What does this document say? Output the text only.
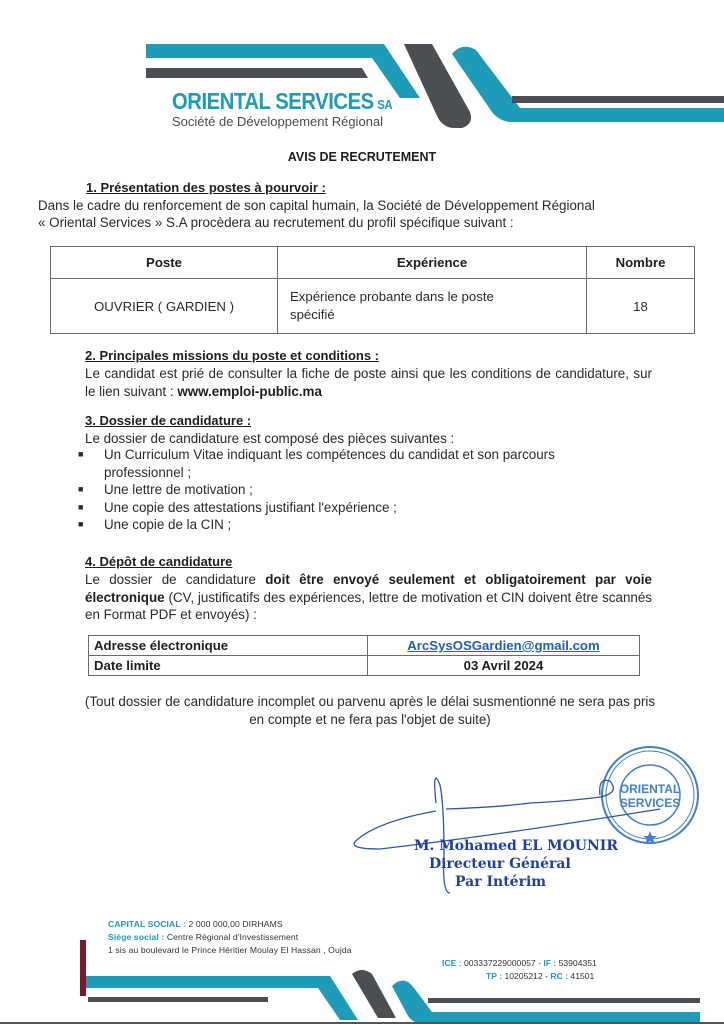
ORIENTAL SERVICES SA
Société de Développement Régional
AVIS DE RECRUTEMENT
1. Présentation des postes à pourvoir :
Dans le cadre du renforcement de son capital humain, la Société de Développement Régional
« Oriental Services » S.A procèdera au recrutement du profil spécifique suivant :
Poste	Expérience	Nombre
OUVRIER ( GARDIEN )	Expérience probante dans le poste spécifié	18
2. Principales missions du poste et conditions :
Le candidat est prié de consulter la fiche de poste ainsi que les conditions de candidature, sur le lien suivant : www.emploi-public.ma
3. Dossier de candidature :
Le dossier de candidature est composé des pièces suivantes :
■ Un Curriculum Vitae indiquant les compétences du candidat et son parcours professionnel ;
■ Une lettre de motivation ;
■ Une copie des attestations justifiant l'expérience ;
■ Une copie de la CIN ;
4. Dépôt de candidature
Le dossier de candidature doit être envoyé seulement et obligatoirement par voie électronique (CV, justificatifs des expériences, lettre de motivation et CIN doivent être scannés en Format PDF et envoyés) :
Adresse électronique	ArcSysOSGardien@gmail.com
Date limite	03 Avril 2024
(Tout dossier de candidature incomplet ou parvenu après le délai susmentionné ne sera pas pris en compte et ne fera pas l'objet de suite)
ORIENTAL
SERVICES
M. Mohamed EL MOUNIR
Directeur Général
Par Intérim
CAPITAL SOCIAL : 2 000 000,00 DIRHAMS
Siège social : Centre Régional d'Investissement
1 sis au boulevard le Prince Héritier Moulay El Hassan , Oujda
ICE : 003337229000057 - IF : 53904351
TP : 10205212 - RC : 41501
